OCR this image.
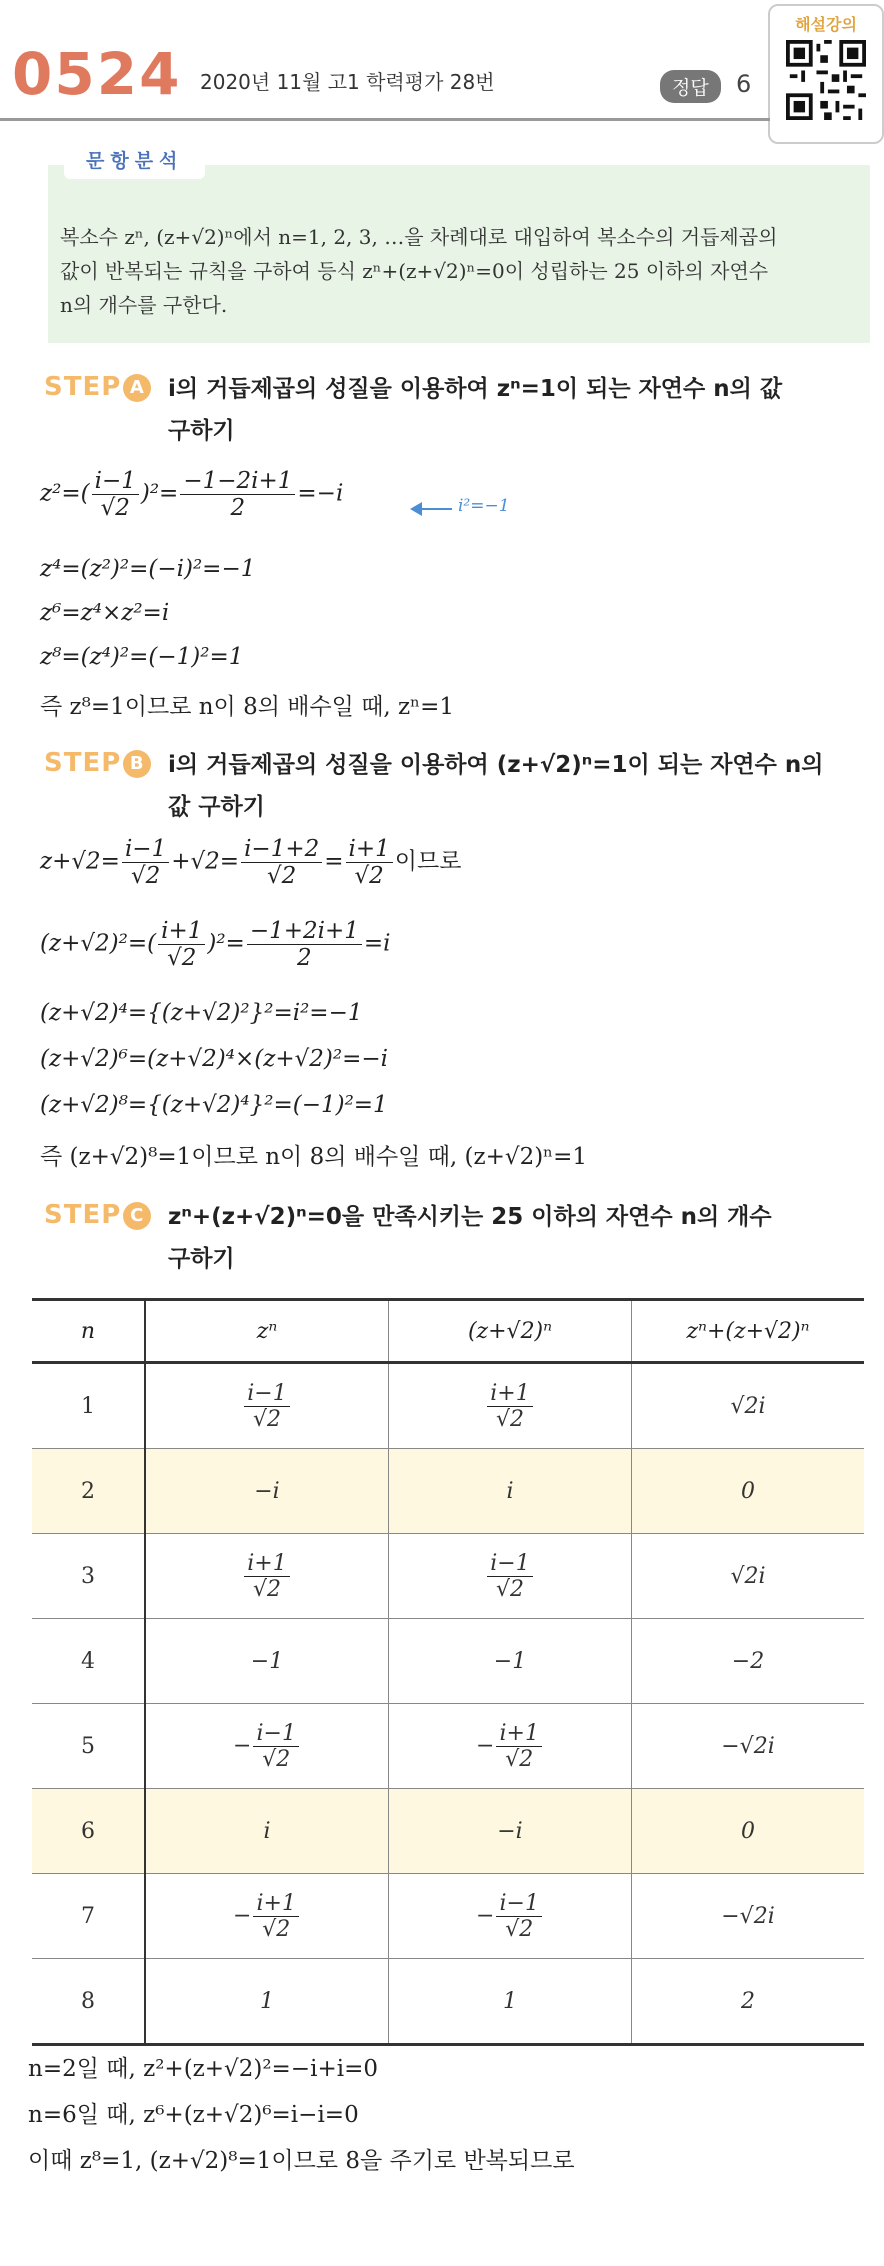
0524 2020년 11월 고1 학력평가 28번	정답	6
해설강의
문항분석
복소수 zⁿ, (z+√2)ⁿ에서 n=1, 2, 3, …을 차례대로 대입하여 복소수의 거듭제곱의
값이 반복되는 규칙을 구하여 등식 zⁿ+(z+√2)ⁿ=0이 성립하는 25 이하의 자연수
n의 개수를 구한다.
STEP A i의 거듭제곱의 성질을 이용하여 zⁿ=1이 되는 자연수 n의 값
구하기
$z^2=( \frac{i-1}{√2} )^2= \frac{-1-2i+1}{2} =-i$	i²=−1
z⁴=(z²)²=(−i)²=−1
z⁶=z⁴×z²=i
z⁸=(z⁴)²=(−1)²=1
즉 z⁸=1이므로 n이 8의 배수일 때, zⁿ=1
STEP B i의 거듭제곱의 성질을 이용하여 (z+√2)ⁿ=1이 되는 자연수 n의
값 구하기
$z+√2= \frac{i-1}{√2} +√2= \frac{i-1+2}{√2} = \frac{i+1}{√2}$ 이므로
$(z+√2)^2=( \frac{i+1}{√2} )^2= \frac{-1+2i+1}{2} =i$
(z+√2)⁴={(z+√2)²}²=i²=−1
(z+√2)⁶=(z+√2)⁴×(z+√2)²=−i
(z+√2)⁸={(z+√2)⁴}²=(−1)²=1
즉 (z+√2)⁸=1이므로 n이 8의 배수일 때, (z+√2)ⁿ=1
STEP C zⁿ+(z+√2)ⁿ=0을 만족시키는 25 이하의 자연수 n의 개수
구하기
n	zⁿ	(z+√2)ⁿ	zⁿ+(z+√2)ⁿ
1	$\frac{i-1}{√2}$	$\frac{i+1}{√2}$	√2i
2	−i	i	0
3	$\frac{i+1}{√2}$	$\frac{i-1}{√2}$	√2i
4	−1	−1	−2
5	− $\frac{i-1}{√2}$	− $\frac{i+1}{√2}$	−√2i
6	i	−i	0
7	− $\frac{i+1}{√2}$	− $\frac{i-1}{√2}$	−√2i
8	1	1	2
n=2일 때, z²+(z+√2)²=−i+i=0
n=6일 때, z⁶+(z+√2)⁶=i−i=0
이때 z⁸=1, (z+√2)⁸=1이므로 8을 주기로 반복되므로
